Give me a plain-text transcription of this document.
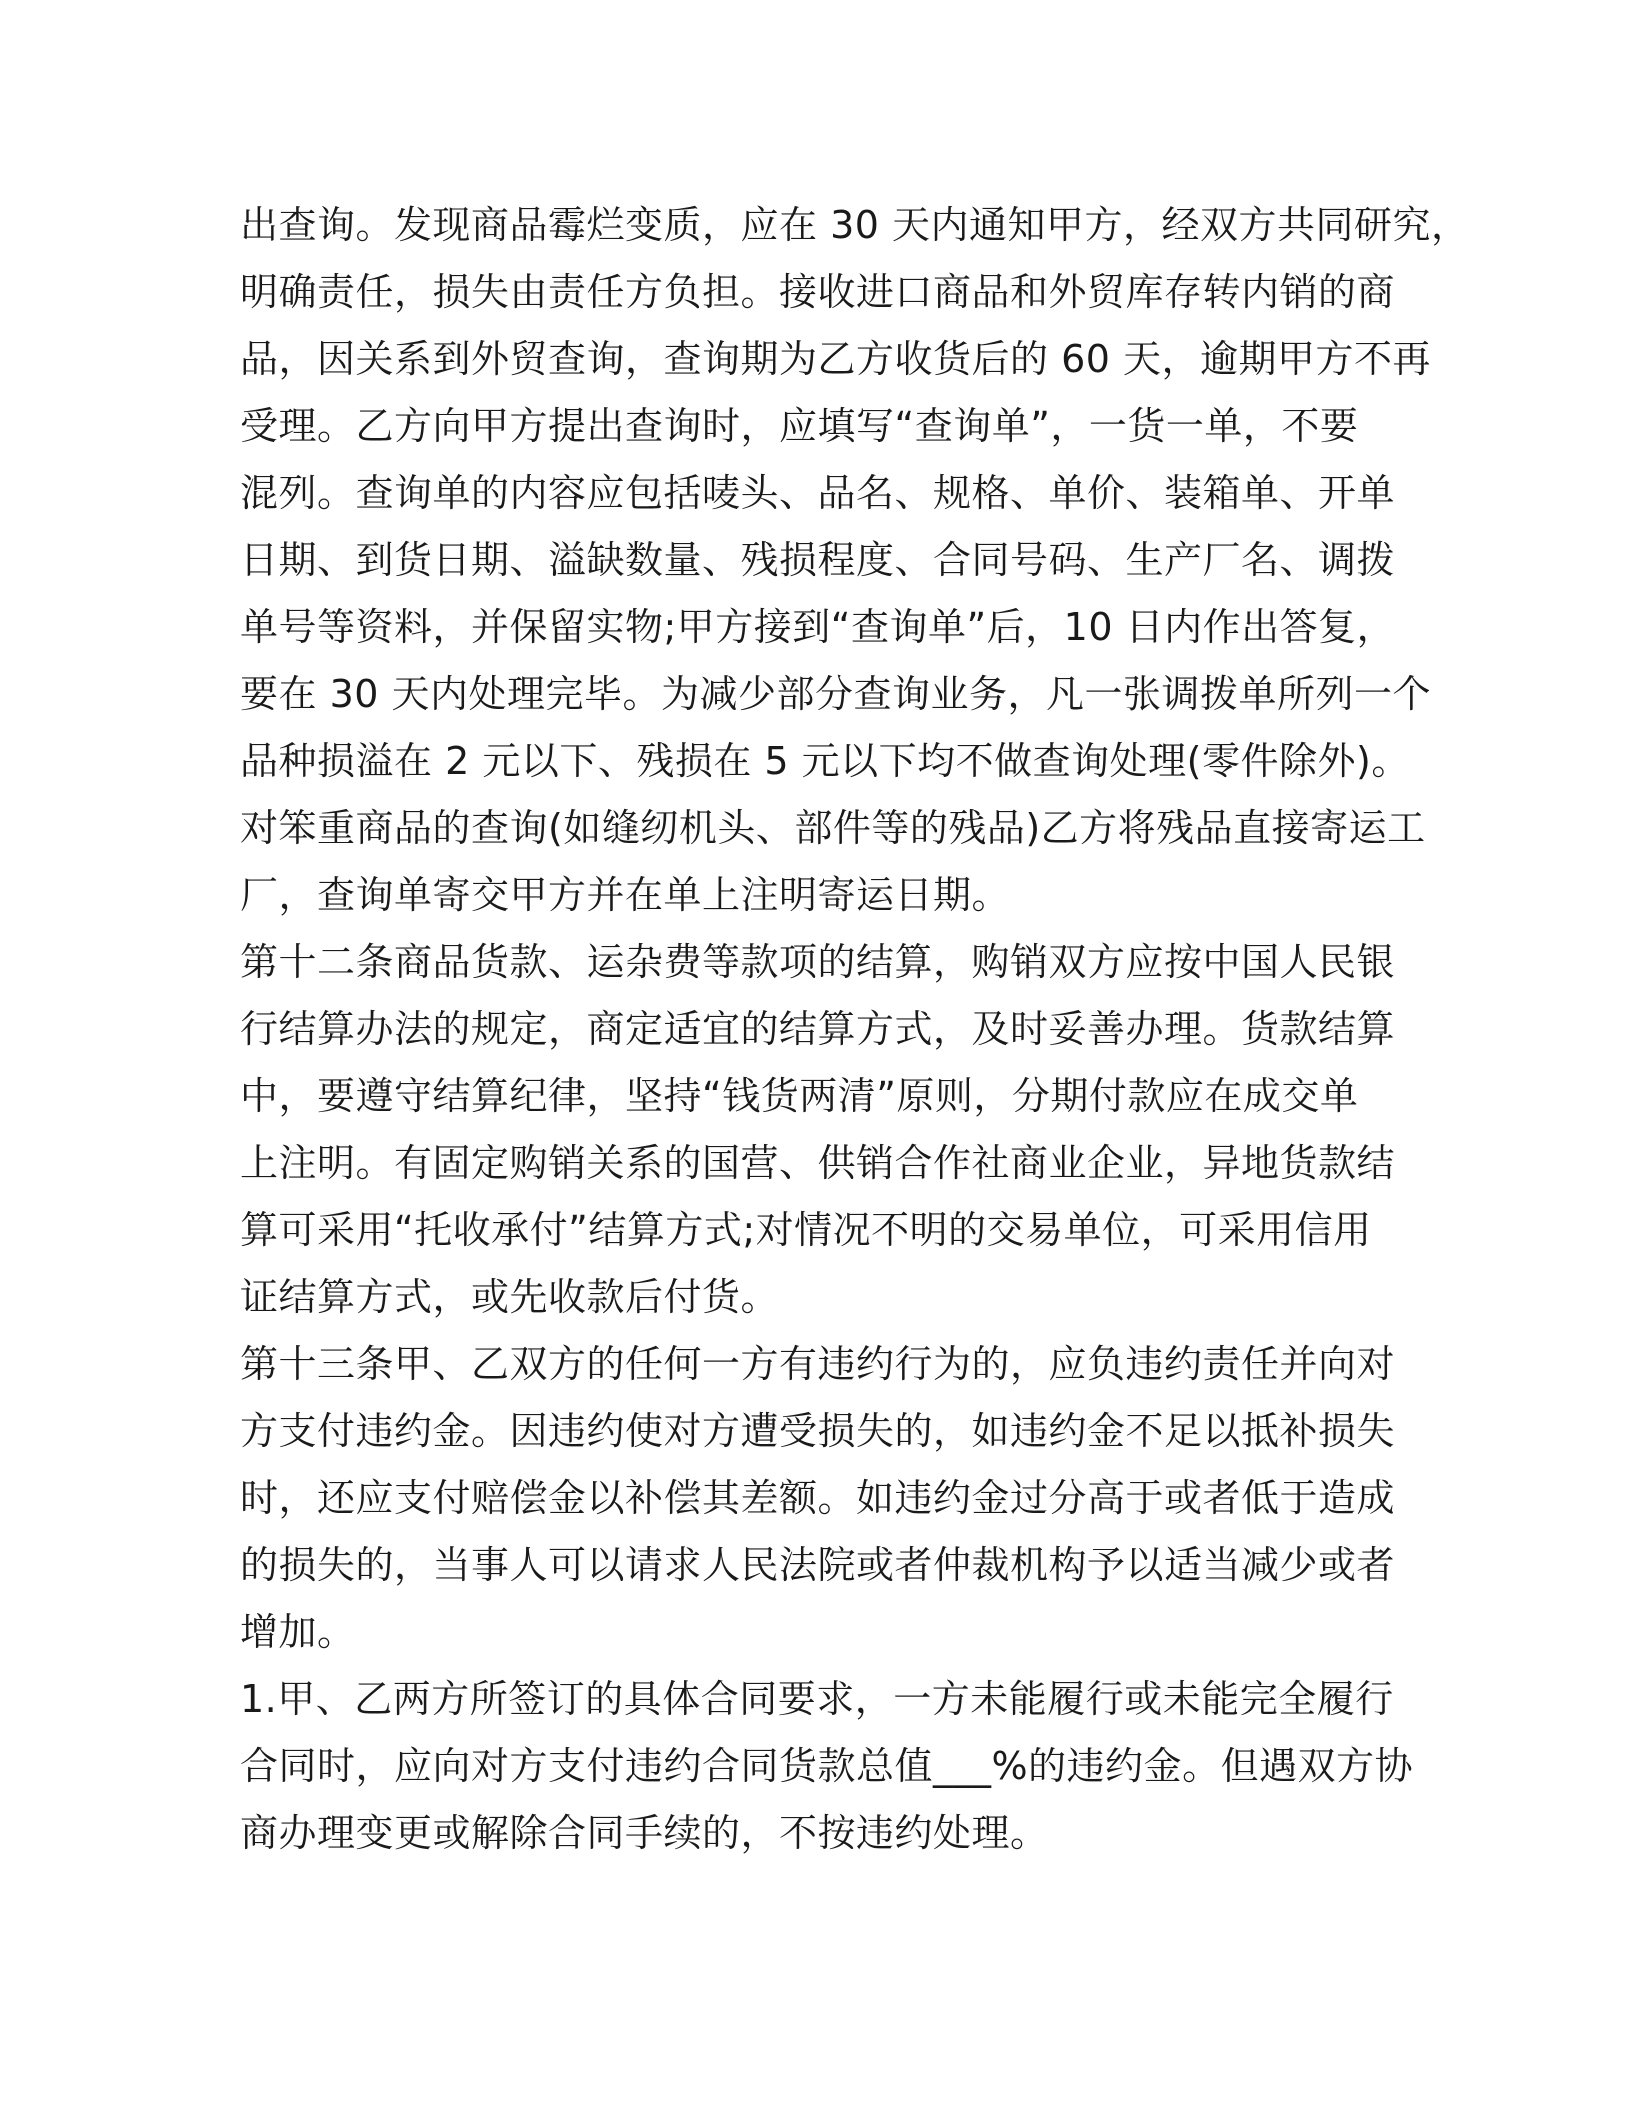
出查询。发现商品霉烂变质，应在 30 天内通知甲方，经双方共同研究，
明确责任，损失由责任方负担。接收进口商品和外贸库存转内销的商
品，因关系到外贸查询，查询期为乙方收货后的 60 天，逾期甲方不再
受理。乙方向甲方提出查询时，应填写“查询单”，一货一单，不要
混列。查询单的内容应包括唛头、品名、规格、单价、装箱单、开单
日期、到货日期、溢缺数量、残损程度、合同号码、生产厂名、调拨
单号等资料，并保留实物;甲方接到“查询单”后，10 日内作出答复，
要在 30 天内处理完毕。为减少部分查询业务，凡一张调拨单所列一个
品种损溢在 2 元以下、残损在 5 元以下均不做查询处理(零件除外)。
对笨重商品的查询(如缝纫机头、部件等的残品)乙方将残品直接寄运工
厂，查询单寄交甲方并在单上注明寄运日期。
第十二条商品货款、运杂费等款项的结算，购销双方应按中国人民银
行结算办法的规定，商定适宜的结算方式，及时妥善办理。货款结算
中，要遵守结算纪律，坚持“钱货两清”原则，分期付款应在成交单
上注明。有固定购销关系的国营、供销合作社商业企业，异地货款结
算可采用“托收承付”结算方式;对情况不明的交易单位，可采用信用
证结算方式，或先收款后付货。
第十三条甲、乙双方的任何一方有违约行为的，应负违约责任并向对
方支付违约金。因违约使对方遭受损失的，如违约金不足以抵补损失
时，还应支付赔偿金以补偿其差额。如违约金过分高于或者低于造成
的损失的，当事人可以请求人民法院或者仲裁机构予以适当减少或者
增加。
1.甲、乙两方所签订的具体合同要求，一方未能履行或未能完全履行
合同时，应向对方支付违约合同货款总值___%的违约金。但遇双方协
商办理变更或解除合同手续的，不按违约处理。
